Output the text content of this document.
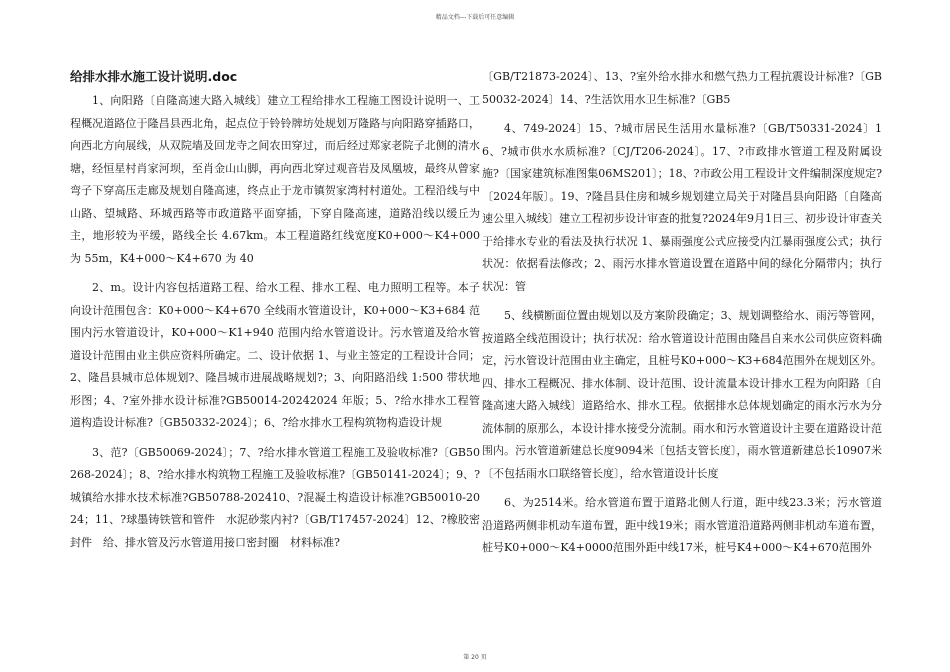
精品文档---下载后可任意编辑
给排水排水施工设计说明.doc

1、向阳路〔自隆高速大路入城线〕建立工程给排水工程施工图设计说明一、工程概况道路位于隆昌县西北角，起点位于铃铃牌坊处规划万隆路与向阳路穿插路口，向西北方向展线，从双院墙及回龙寺之间农田穿过，而后经过郑家老院子北侧的清水塘，经恒星村肖家河坝，至肖金山山脚，再向西北穿过观音岩及凤凰坡，最终从曾家弯子下穿高压走廊及规划自隆高速，终点止于龙市镇贺家湾村村道处。工程沿线与中山路、望城路、环城西路等市政道路平面穿插，下穿自隆高速，道路沿线以缓丘为主，地形较为平缓，路线全长 4.67km。本工程道路红线宽度K0+000～K4+000 为 55m，K4+000～K4+670 为 40

2、m。设计内容包括道路工程、给水工程、排水工程、电力照明工程等。本子向设计范围包含：K0+000～K4+670 全线雨水管道设计，K0+000～K3+684 范围内污水管道设计，K0+000～K1+940 范围内给水管道设计。污水管道及给水管道设计范围由业主供应资料所确定。二、设计依据 1、与业主签定的工程设计合同；2、隆昌县城市总体规划?、隆昌城市进展战略规划?；3、向阳路沿线 1:500 带状地形图；4、?室外排水设计标准?GB50014-20242024 年版；5、?给水排水工程管道构造设计标准?〔GB50332-2024〕；6、?给水排水工程构筑物构造设计规

3、范?〔GB50069-2024〕；7、?给水排水管道工程施工及验收标准?〔GB50268-2024〕；8、?给水排水构筑物工程施工及验收标准?〔GB50141-2024〕；9、?城镇给水排水技术标准?GB50788-202410、?混凝土构造设计标准?GB50010-2024；11、?球墨铸铁管和管件　水泥砂浆内衬?〔GB/T17457-2024〕12、?橡胶密封件　给、排水管及污水管道用接口密封圈　材料标准?

〔GB/T21873-2024〕、13、?室外给水排水和燃气热力工程抗震设计标准?〔GB50032-2024〕14、?生活饮用水卫生标准?〔GB5

4、749-2024〕15、?城市居民生活用水量标准?〔GB/T50331-2024〕16、?城市供水水质标准?〔CJ/T206-2024〕。17、?市政排水管道工程及附属设施?〔国家建筑标准图集06MS201〕；18、?市政公用工程设计文件编制深度规定?〔2024年版〕。19、?隆昌县住房和城乡规划建立局关于对隆昌县向阳路〔自隆高速公里入城线〕建立工程初步设计审查的批复?2024年9月1日三、初步设计审查关于给排水专业的看法及执行状况 1、暴雨强度公式应接受内江暴雨强度公式；执行状况：依据看法修改；2、雨污水排水管道设置在道路中间的绿化分隔带内；执行状况：管

5、线横断面位置由规划以及方案阶段确定；3、规划调整给水、雨污等管网，按道路全线范围设计；执行状况：给水管道设计范围由隆昌自来水公司供应资料确定，污水管设计范围由业主确定，且桩号K0+000～K3+684范围外在规划区外。四、排水工程概况、排水体制、设计范围、设计流量本设计排水工程为向阳路〔自隆高速大路入城线〕道路给水、排水工程。依据排水总体规划确定的雨水污水为分流体制的原那么，本设计排水接受分流制。雨水和污水管道设计主要在道路设计范围内。污水管道新建总长度9094米〔包括支管长度〕，雨水管道新建总长10907米〔不包括雨水口联络管长度〕，给水管道设计长度

6、为2514米。给水管道布置于道路北侧人行道，距中线23.3米；污水管道沿道路两侧非机动车道布置，距中线19米；雨水管道沿道路两侧非机动车道布置，桩号K0+000～K4+0000范围外距中线17米，桩号K4+000～K4+670范围外

第 20 页
